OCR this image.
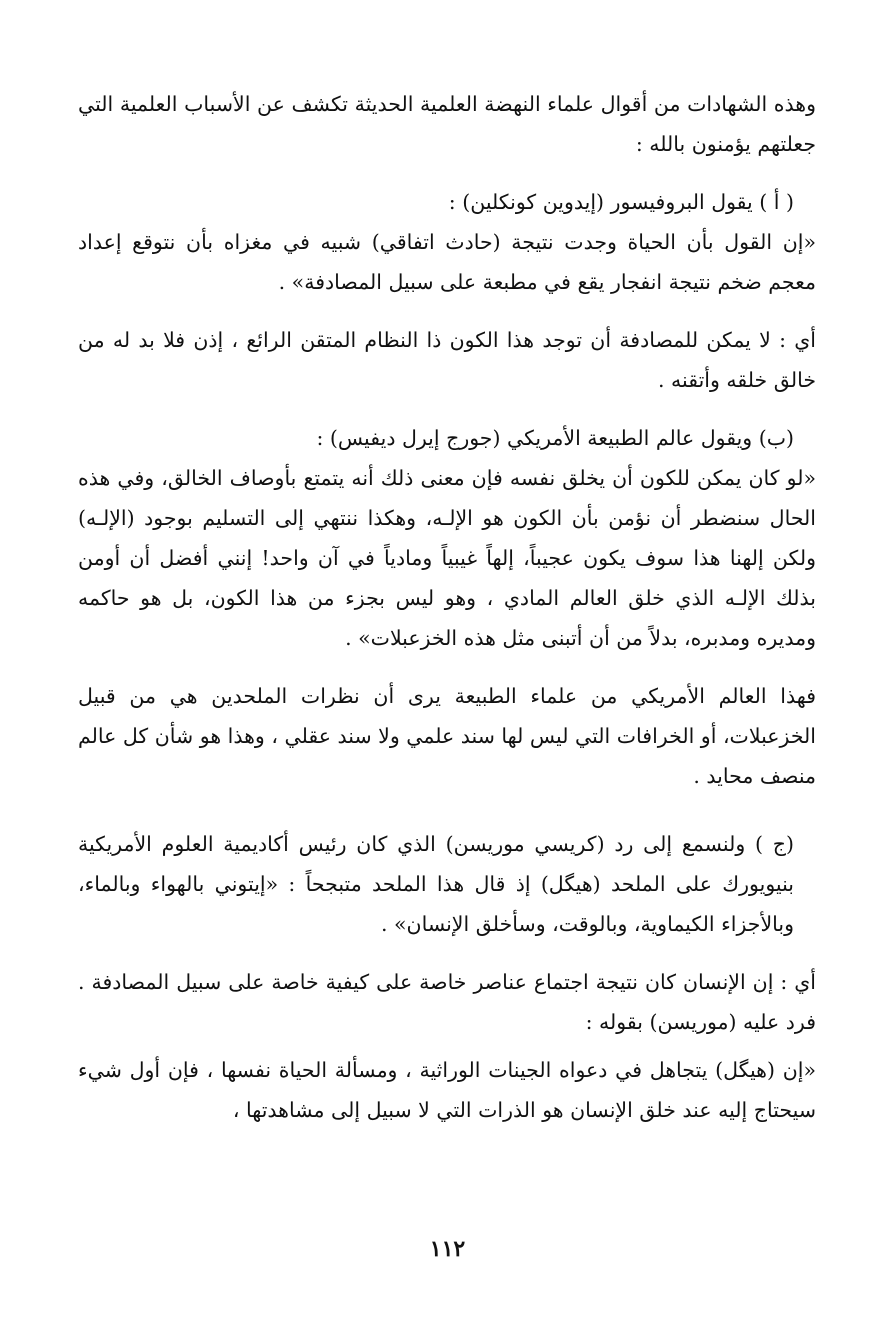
وهذه الشهادات من أقوال علماء النهضة العلمية الحديثة تكشف عن الأسباب العلمية التي جعلتهم يؤمنون بالله :

( أ ) يقول البروفيسور (إيدوين كونكلين) :

«إن القول بأن الحياة وجدت نتيجة (حادث اتفاقي) شبيه في مغزاه بأن نتوقع إعداد معجم ضخم نتيجة انفجار يقع في مطبعة على سبيل المصادفة» .

أي : لا يمكن للمصادفة أن توجد هذا الكون ذا النظام المتقن الرائع ، إذن فلا بد له من خالق خلقه وأتقنه .

(ب) ويقول عالم الطبيعة الأمريكي (جورج إيرل ديفيس) :

«لو كان يمكن للكون أن يخلق نفسه فإن معنى ذلك أنه يتمتع بأوصاف الخالق، وفي هذه الحال سنضطر أن نؤمن بأن الكون هو الإلـه، وهكذا ننتهي إلى التسليم بوجود (الإلـه) ولكن إلهنا هذا سوف يكون عجيباً، إلهاً غيبياً ومادياً في آن واحد! إنني أفضل أن أومن بذلك الإلـه الذي خلق العالم المادي ، وهو ليس بجزء من هذا الكون، بل هو حاكمه ومديره ومدبره، بدلاً من أن أتبنى مثل هذه الخزعبلات» .

فهذا العالم الأمريكي من علماء الطبيعة يرى أن نظرات الملحدين هي من قبيل الخزعبلات، أو الخرافات التي ليس لها سند علمي ولا سند عقلي ، وهذا هو شأن كل عالم منصف محايد .

(ج ) ولنسمع إلى رد (كريسي موريسن) الذي كان رئيس أكاديمية العلوم الأمريكية بنيويورك على الملحد (هيگل) إذ قال هذا الملحد متبجحاً : «إيتوني بالهواء وبالماء، وبالأجزاء الكيماوية، وبالوقت، وسأخلق الإنسان» .

أي : إن الإنسان كان نتيجة اجتماع عناصر خاصة على كيفية خاصة على سبيل المصادفة . فرد عليه (موريسن) بقوله :

«إن (هيگل) يتجاهل في دعواه الجينات الوراثية ، ومسألة الحياة نفسها ، فإن أول شيء سيحتاج إليه عند خلق الإنسان هو الذرات التي لا سبيل إلى مشاهدتها ،

١١٢
